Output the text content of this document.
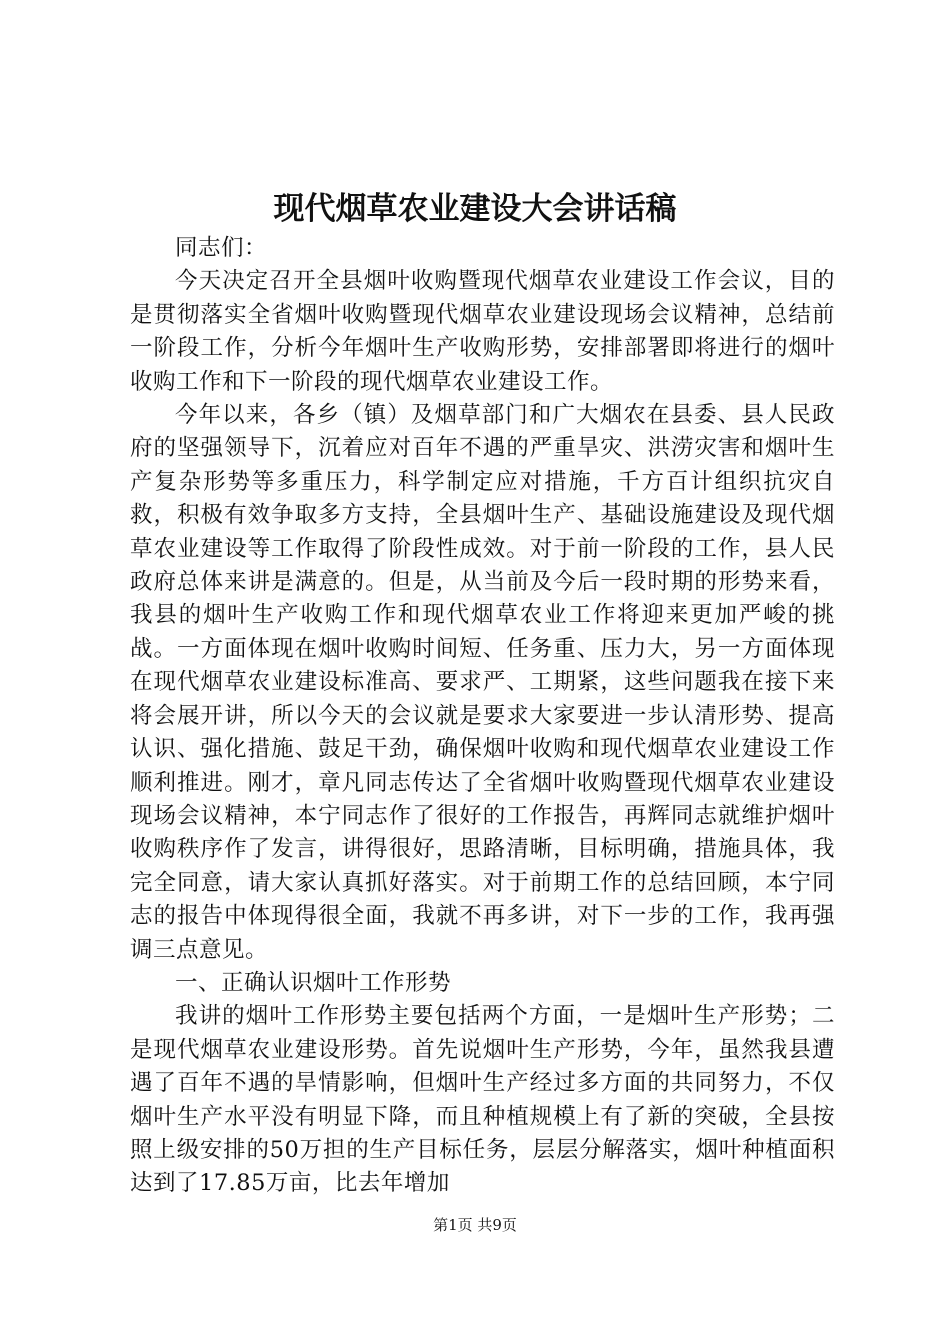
现代烟草农业建设大会讲话稿

同志们：

今天决定召开全县烟叶收购暨现代烟草农业建设工作会议，目的是贯彻落实全省烟叶收购暨现代烟草农业建设现场会议精神，总结前一阶段工作，分析今年烟叶生产收购形势，安排部署即将进行的烟叶收购工作和下一阶段的现代烟草农业建设工作。

今年以来，各乡（镇）及烟草部门和广大烟农在县委、县人民政府的坚强领导下，沉着应对百年不遇的严重旱灾、洪涝灾害和烟叶生产复杂形势等多重压力，科学制定应对措施，千方百计组织抗灾自救，积极有效争取多方支持，全县烟叶生产、基础设施建设及现代烟草农业建设等工作取得了阶段性成效。对于前一阶段的工作，县人民政府总体来讲是满意的。但是，从当前及今后一段时期的形势来看，我县的烟叶生产收购工作和现代烟草农业工作将迎来更加严峻的挑战。一方面体现在烟叶收购时间短、任务重、压力大，另一方面体现在现代烟草农业建设标准高、要求严、工期紧，这些问题我在接下来将会展开讲，所以今天的会议就是要求大家要进一步认清形势、提高认识、强化措施、鼓足干劲，确保烟叶收购和现代烟草农业建设工作顺利推进。刚才，章凡同志传达了全省烟叶收购暨现代烟草农业建设现场会议精神，本宁同志作了很好的工作报告，再辉同志就维护烟叶收购秩序作了发言，讲得很好，思路清晰，目标明确，措施具体，我完全同意，请大家认真抓好落实。对于前期工作的总结回顾，本宁同志的报告中体现得很全面，我就不再多讲，对下一步的工作，我再强调三点意见。

一、正确认识烟叶工作形势

我讲的烟叶工作形势主要包括两个方面，一是烟叶生产形势；二是现代烟草农业建设形势。首先说烟叶生产形势，今年，虽然我县遭遇了百年不遇的旱情影响，但烟叶生产经过多方面的共同努力，不仅烟叶生产水平没有明显下降，而且种植规模上有了新的突破，全县按照上级安排的50万担的生产目标任务，层层分解落实，烟叶种植面积达到了17.85万亩，比去年增加

第1页 共9页
